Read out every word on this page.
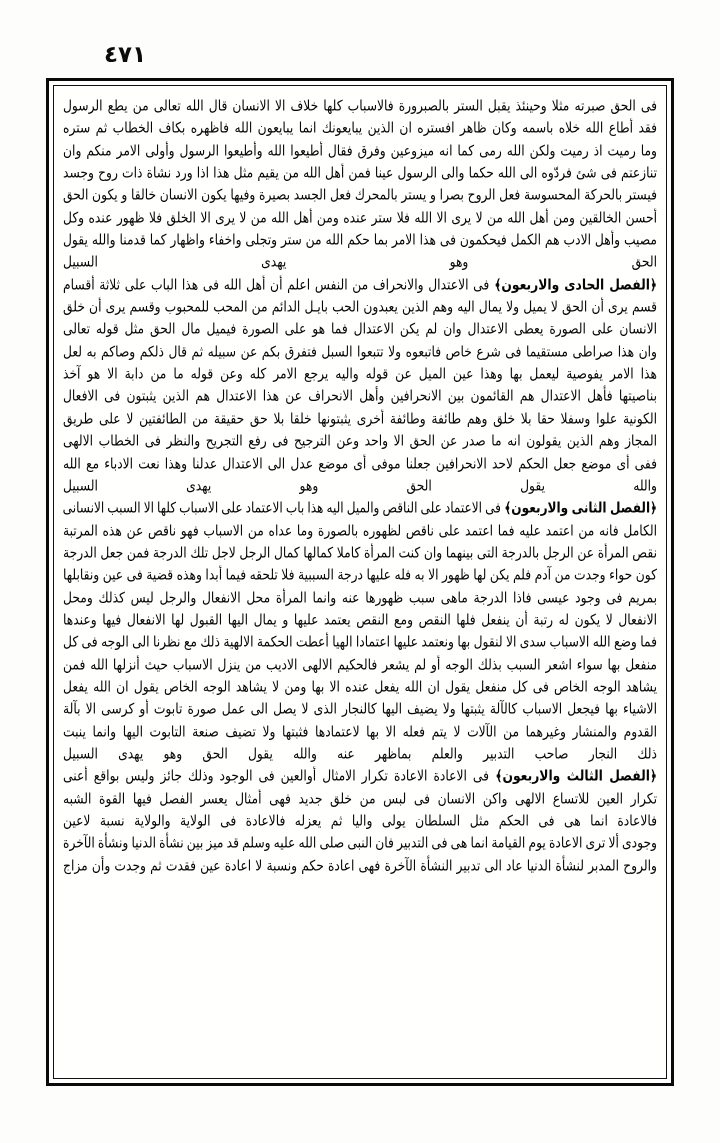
٤٧١
فى الحق صبرته مثلا وحينئذ يقبل الستر بالصبرورة فالاسباب كلها خلاف الا الانسان قال الله تعالى من يطع الرسول
فقد أطاع الله خلاه باسمه وكان ظاهر افستره ان الذين يبايعونك انما يبايعون الله فاظهره بكاف الخطاب ثم ستره
وما رميت اذ رميت ولكن الله رمى كما انه ميزوعين وفرق فقال أطيعوا الله وأطيعوا الرسول وأولى الامر منكم وان
تنازعتم فى شئ فردّوه الى الله حكما والى الرسول عينا فمن أهل الله من يقيم مثل هذا اذا ورد نشاة ذات روح وجسد
فيستر بالحركة المحسوسة فعل الروح بصرا و يستر بالمحرك فعل الجسد بصيرة وفيها يكون الانسان خالقا و يكون الحق
أحسن الخالقين ومن أهل الله من لا يرى الا الله فلا ستر عنده ومن أهل الله من لا يرى الا الخلق فلا ظهور عنده وكل
مصيب وأهل الادب هم الكمل فيحكمون فى هذا الامر بما حكم الله من ستر وتجلى واخفاء واظهار كما قدمنا والله يقول
الحق وهو يهدى السبيل
﴿الفصل الحادى والاربعون﴾ فى الاعتدال والانحراف من النفس اعلم أن أهل الله فى هذا الباب على ثلاثة أقسام
قسم يرى أن الحق لا يميل ولا يمال اليه وهم الذين يعبدون الحب بايـل الدائم من المحب للمحبوب وقسم يرى أن خلق
الانسان على الصورة يعطى الاعتدال وان لم يكن الاعتدال فما هو على الصورة فيميل مال الحق مثل قوله تعالى
وان هذا صراطى مستقيما فى شرع خاص فاتبعوه ولا تتبعوا السبل فتفرق بكم عن سبيله ثم قال ذلكم وصاكم به لعل
هذا الامر يفوصية ليعمل بها وهذا عين الميل عن قوله واليه يرجع الامر كله وعن قوله ما من دابة الا هو آخذ
بناصيتها فأهل الاعتدال هم القائمون بين الانحرافين وأهل الانحراف عن هذا الاعتدال هم الذين يثبتون فى الافعال
الكونية علوا وسفلا حقا بلا خلق وهم طائفة وطائفة أخرى يثبتونها خلقا بلا حق حقيقة من الطائفتين لا على طريق
المجاز وهم الذين يقولون انه ما صدر عن الحق الا واحد وعن الترجيح فى رفع التجريح والنظر فى الخطاب الالهى
ففى أى موضع جعل الحكم لاحد الانحرافين جعلنا موفى أى موضع عدل الى الاعتدال عدلنا وهذا نعت الادباء مع الله
والله يقول الحق وهو يهدى السبيل
﴿الفصل الثانى والاربعون﴾ فى الاعتماد على الناقص والميل اليه هذا باب الاعتماد على الاسباب كلها الا السبب الانسانى
الكامل فانه من اعتمد عليه فما اعتمد على ناقص لظهوره بالصورة وما عداه من الاسباب فهو ناقص عن هذه المرتبة
نقص المرأة عن الرجل بالدرجة التى بينهما وان كنت المرأة كاملا كمالها كمال الرجل لاجل تلك الدرجة فمن جعل الدرجة
كون حواء وجدت من آدم فلم يكن لها ظهور الا به فله عليها درجة السببية فلا تلحقه فيما أبدا وهذه قضية فى عين ونقابلها
بمريم فى وجود عيسى فاذا الدرجة ماهى سبب ظهورها عنه وانما المرأة محل الانفعال والرجل ليس كذلك ومحل
الانفعال لا يكون له رتبة أن ينفعل فلها النقص ومع النقص يعتمد عليها و يمال اليها القبول لها الانفعال فيها وعندها
فما وضع الله الاسباب سدى الا لنقول بها ونعتمد عليها اعتمادا الهيا أعطت الحكمة الالهية ذلك مع نظرنا الى الوجه فى كل
منفعل بها سواء اشعر السبب بذلك الوجه أو لم يشعر فالحكيم الالهى الاديب من ينزل الاسباب حيث أنزلها الله فمن
يشاهد الوجه الخاص فى كل منفعل يقول ان الله يفعل عنده الا بها ومن لا يشاهد الوجه الخاص يقول ان الله يفعل
الاشياء بها فيجعل الاسباب كالآلة يثبتها ولا يضيف اليها كالنجار الذى لا يصل الى عمل صورة تابوت أو كرسى الا بآلة
القدوم والمنشار وغيرهما من الآلات لا يتم فعله الا بها لاعتمادها فثبتها ولا تضيف صنعة التابوت اليها وانما ينبت
ذلك النجار صاحب التدبير والعلم بماظهر عنه والله يقول الحق وهو يهدى السبيل
﴿الفصل الثالث والاربعون﴾ فى الاعادة الاعادة تكرار الامثال أوالعين فى الوجود وذلك جائز وليس بواقع أعنى
تكرار العين للاتساع الالهى واكن الانسان فى لبس من خلق جديد فهى أمثال يعسر الفصل فيها القوة الشبه
فالاعادة انما هى فى الحكم مثل السلطان يولى واليا ثم يعزله فالاعادة فى الولاية والولاية نسبة لاعين
وجودى ألا ترى الاعادة يوم القيامة انما هى فى التدبير فان النبى صلى الله عليه وسلم قد ميز بين نشأة الدنيا ونشأة الآخرة
والروح المدبر لنشأة الدنيا عاد الى تدبير النشأة الآخرة فهى اعادة حكم ونسبة لا اعادة عين فقدت ثم وجدت وأن مزاج
